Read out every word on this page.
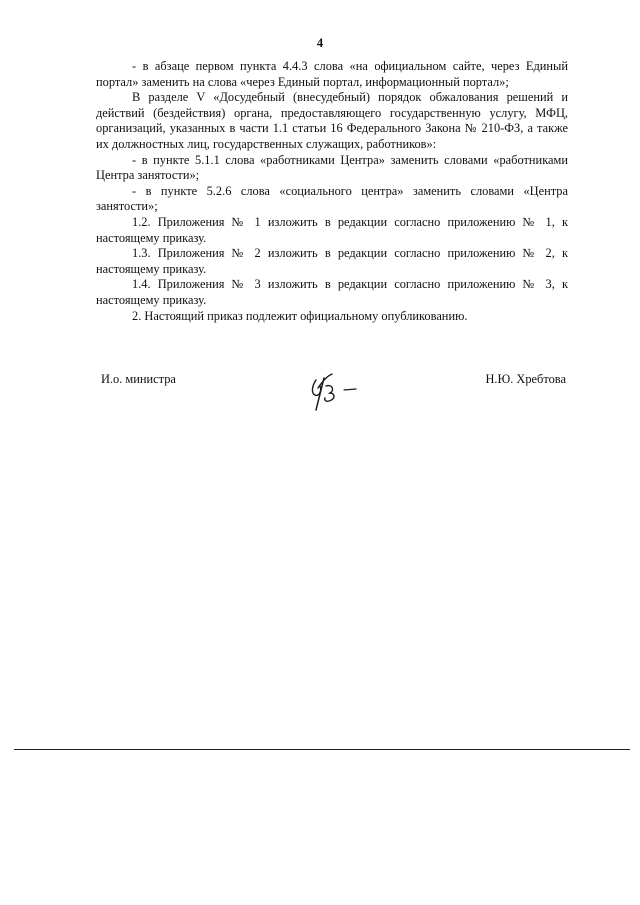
4

- в абзаце первом пункта 4.4.3 слова «на официальном сайте, через Единый портал» заменить на слова «через Единый портал, информационный портал»;

В разделе V «Досудебный (внесудебный) порядок обжалования решений и действий (бездействия) органа, предоставляющего государственную услугу, МФЦ, организаций, указанных в части 1.1 статьи 16 Федерального Закона № 210-ФЗ, а также их должностных лиц, государственных служащих, работников»:

- в пункте 5.1.1 слова «работниками Центра» заменить словами «работниками Центра занятости»;

- в пункте 5.2.6 слова «социального центра» заменить словами «Центра занятости»;

1.2. Приложения № 1 изложить в редакции согласно приложению № 1, к настоящему приказу.

1.3. Приложения № 2 изложить в редакции согласно приложению № 2, к настоящему приказу.

1.4. Приложения № 3 изложить в редакции согласно приложению № 3, к настоящему приказу.

2. Настоящий приказ подлежит официальному опубликованию.

И.о. министра	Н.Ю. Хребтова
